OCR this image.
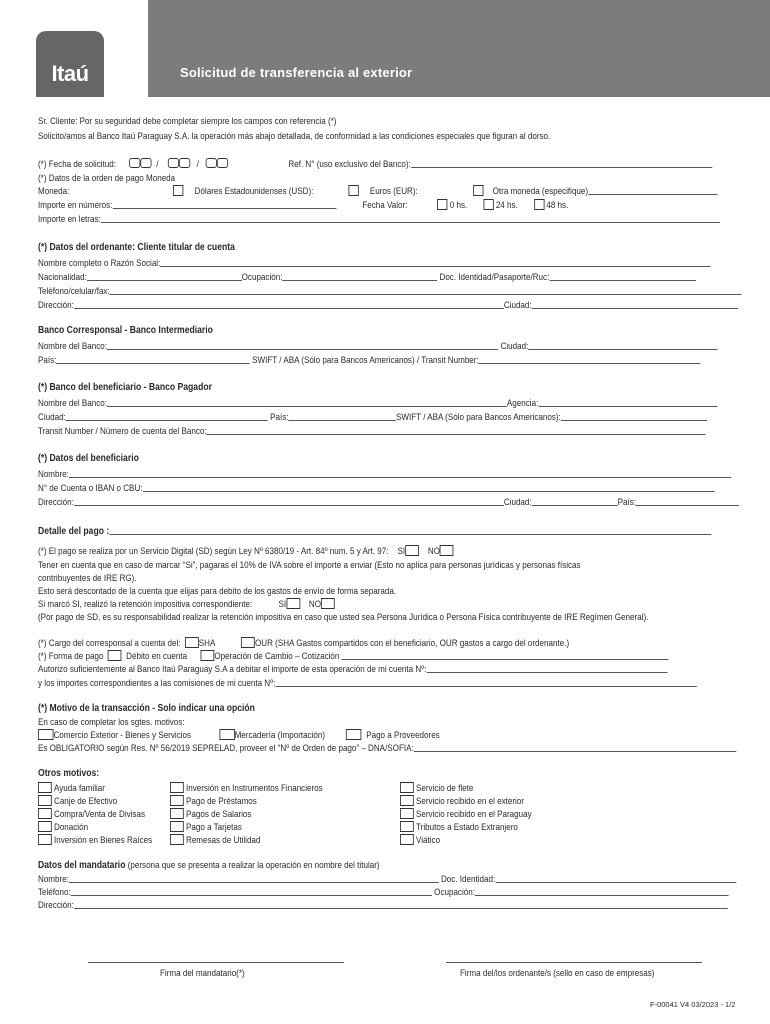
Itaú	Solicitud de transferencia al exterior
Sr. Cliente: Por su seguridad debe completar siempre los campos con referencia (*)
Solicito/amos al Banco Itaú Paraguay S.A. la operación más abajo detallada, de conformidad a las condiciones especiales que figuran al dorso.
(*) Fecha de solicitud:	/	/	Ref. N° (uso exclusivo del Banco):
(*) Datos de la orden de pago Moneda
Moneda:	Dólares Estadounidenses (USD):	Euros (EUR):	Otra moneda (especifique)
Importe en números:	Fecha Valor:	0 hs.	24 hs.	48 hs.
Importe en letras:
(*) Datos del ordenante: Cliente titular de cuenta
Nombre completo o Razón Social:
Nacionalidad:	Ocupación:	Doc. Identidad/Pasaporte/Ruc:
Teléfono/celular/fax:
Dirección:	Ciudad:
Banco Corresponsal - Banco Intermediario
Nombre del Banco:	Ciudad:
País:	SWIFT / ABA (Sólo para Bancos Americanos) / Transit Number:
(*) Banco del beneficiario - Banco Pagador
Nombre del Banco:	Agencia:
Ciudad:	País:	SWIFT / ABA (Sólo para Bancos Americanos):
Transit Number / Número de cuenta del Banco:
(*) Datos del beneficiario
Nombre:
N° de Cuenta o IBAN o CBU:
Dirección:	Ciudad:	País:
Detalle del pago :
(*) El pago se realiza por un Servicio Digital (SD) según Ley Nº 6380/19 - Art. 84º num. 5 y Art. 97: SI NO
Tener en cuenta que en caso de marcar “Si”, pagaras el 10% de IVA sobre el importe a enviar (Esto no aplica para personas jurídicas y personas físicas
contribuyentes de IRE RG).
Esto será descontado de la cuenta que elijas para debito de los gastos de envío de forma separada.
Si marcó SI, realizó la retención impositiva correspondiente:	SI NO
(Por pago de SD, es su responsabilidad realizar la retención impositiva en caso que usted sea Persona Jurídica o Persona Física contribuyente de IRE Regímen General).
(*) Cargo del corresponsal a cuenta del: SHA	OUR (SHA Gastos compartidos con el beneficiario, OUR gastos a cargo del ordenante.)
(*) Forma de pago Débito en cuenta	Operación de Cambio – Cotización
Autorizo suficientemente al Banco Itaú Paraguay S.A a debitar el importe de esta operación de mi cuenta Nº:
y los importes correspondientes a las comisiones de mi cuenta Nº:
(*) Motivo de la transacción - Solo indicar una opción
En caso de completar los sgtes. motivos:
Comercio Exterior - Bienes y Servicios	Mercadería (Importación)	Pago a Proveedores
Es OBLIGATORIO según Res. Nº 56/2019 SEPRELAD, proveer el “Nº de Orden de pago” – DNA/SOFIA:
Otros motivos:
Ayuda familiar
Canje de Efectivo
Compra/Venta de Divisas
Donación
Inversión en Bienes Raíces
Inversión en Instrumentos Financieros
Pago de Préstamos
Pagos de Salarios
Pago a Tarjetas
Remesas de Utilidad
Servicio de flete
Servicio recibido en el exterior
Servicio recibido en el Paraguay
Tributos a Estado Extranjero
Viático
Datos del mandatario (persona que se presenta a realizar la operación en nombre del titular)
Nombre:	Doc. Identidad:
Teléfono:	Ocupación:
Dirección:
Firma del mandatario(*)	Firma del/los ordenante/s (sello en caso de empresas)
F-00041 V4 03/2023 - 1/2
